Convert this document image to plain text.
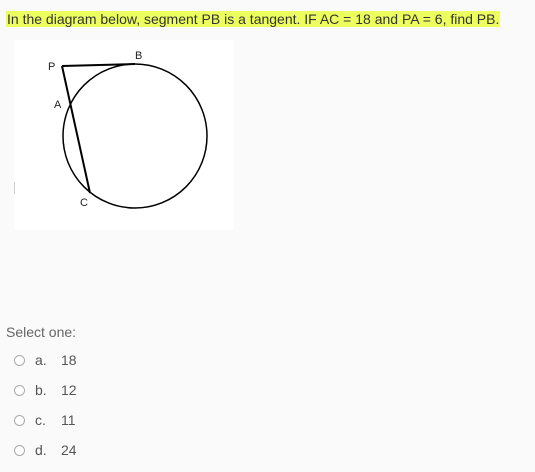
In the diagram below, segment PB is a tangent. IF AC = 18 and PA = 6, find PB.
P
A
B
C
Select one:
a.	18
b.	12
c.	11
d.	24
